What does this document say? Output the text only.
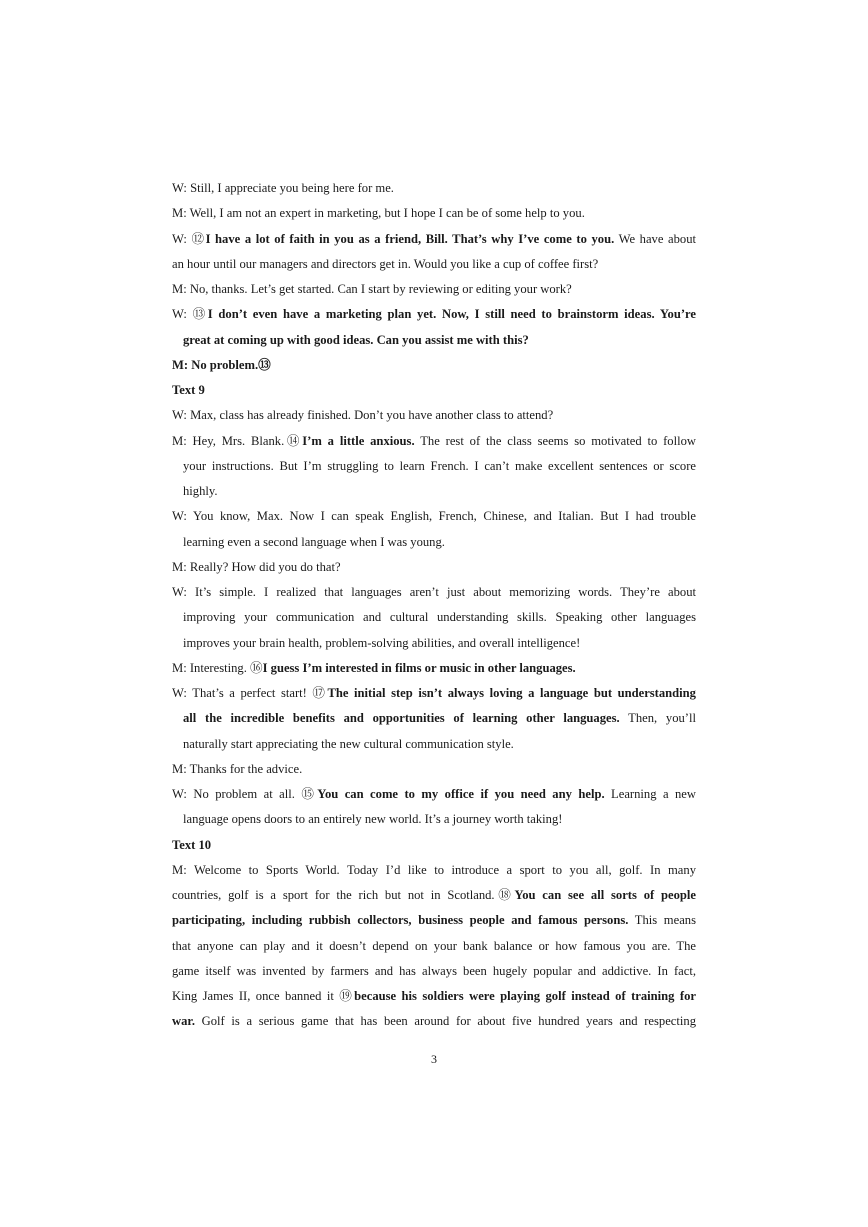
W: Still, I appreciate you being here for me.
M: Well, I am not an expert in marketing, but I hope I can be of some help to you.
W: ⑫I have a lot of faith in you as a friend, Bill. That’s why I’ve come to you. We have about
an hour until our managers and directors get in. Would you like a cup of coffee first?
M: No, thanks. Let’s get started. Can I start by reviewing or editing your work?
W: ⑬I don’t even have a marketing plan yet. Now, I still need to brainstorm ideas. You’re
great at coming up with good ideas. Can you assist me with this?
M: No problem.⑬
Text 9
W: Max, class has already finished. Don’t you have another class to attend?
M: Hey, Mrs. Blank.⑭I’m a little anxious. The rest of the class seems so motivated to follow
your instructions. But I’m struggling to learn French. I can’t make excellent sentences or score
highly.
W: You know, Max. Now I can speak English, French, Chinese, and Italian. But I had trouble
learning even a second language when I was young.
M: Really? How did you do that?
W: It’s simple. I realized that languages aren’t just about memorizing words. They’re about
improving your communication and cultural understanding skills. Speaking other languages
improves your brain health, problem-solving abilities, and overall intelligence!
M: Interesting. ⑯I guess I’m interested in films or music in other languages.
W: That’s a perfect start! ⑰The initial step isn’t always loving a language but understanding
all the incredible benefits and opportunities of learning other languages. Then, you’ll
naturally start appreciating the new cultural communication style.
M: Thanks for the advice.
W: No problem at all. ⑮You can come to my office if you need any help. Learning a new
language opens doors to an entirely new world. It’s a journey worth taking!
Text 10
M: Welcome to Sports World. Today I’d like to introduce a sport to you all, golf. In many
countries, golf is a sport for the rich but not in Scotland.⑱You can see all sorts of people
participating, including rubbish collectors, business people and famous persons. This means
that anyone can play and it doesn’t depend on your bank balance or how famous you are. The
game itself was invented by farmers and has always been hugely popular and addictive. In fact,
King James II, once banned it ⑲because his soldiers were playing golf instead of training for
war. Golf is a serious game that has been around for about five hundred years and respecting
3
